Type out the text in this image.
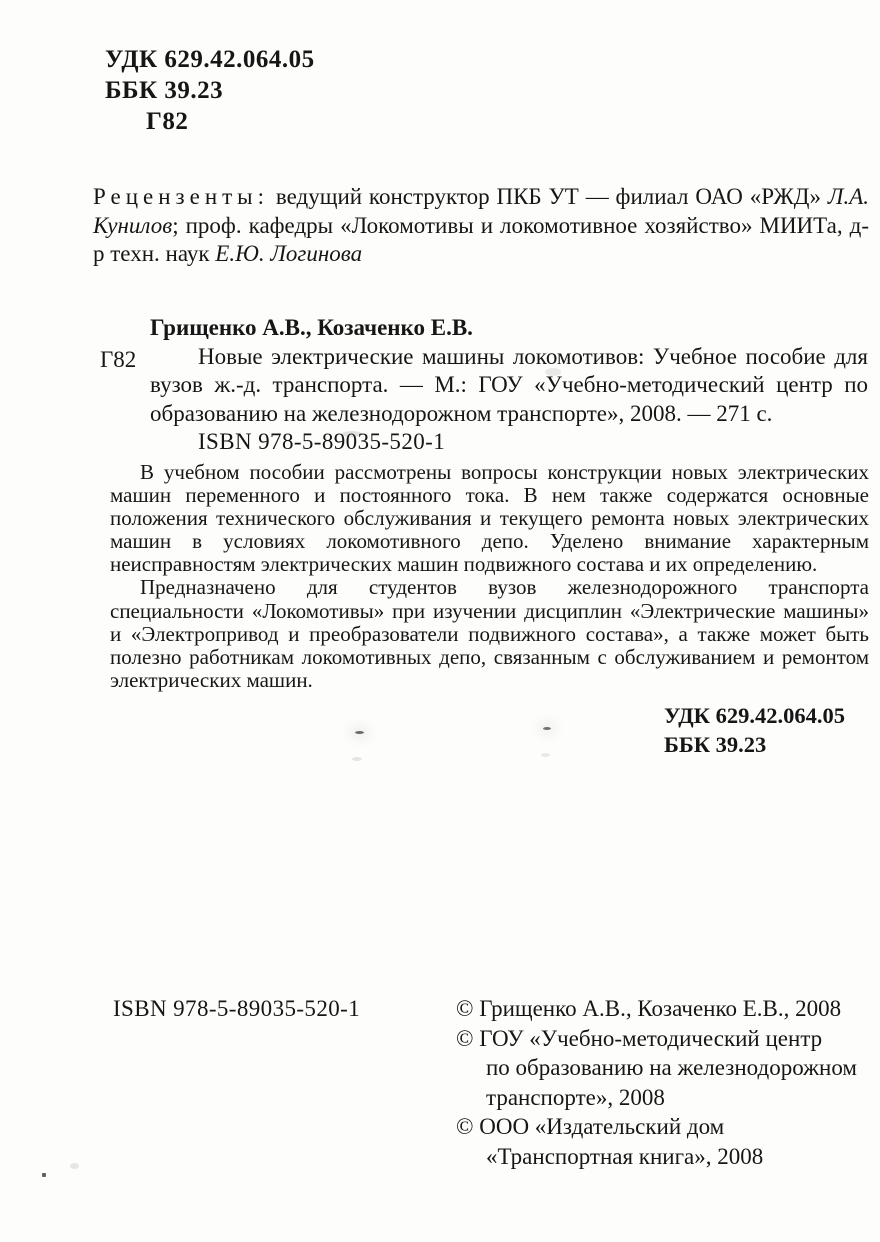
УДК 629.42.064.05
ББК 39.23
Г82

Рецензенты: ведущий конструктор ПКБ УТ — филиал ОАО «РЖД» Л.А. Кунилов; проф. кафедры «Локомотивы и локомотивное хозяйство» МИИТа, д-р техн. наук Е.Ю. Логинова

Г82
Грищенко А.В., Козаченко Е.В.

Новые электрические машины локомотивов: Учебное пособие для вузов ж.-д. транспорта. — М.: ГОУ «Учебно-методический центр по образованию на железнодорожном транспорте», 2008. — 271 с.

ISBN 978-5-89035-520-1

В учебном пособии рассмотрены вопросы конструкции новых электрических машин переменного и постоянного тока. В нем также содержатся основные положения технического обслуживания и текущего ремонта новых электрических машин в условиях локомотивного депо. Уделено внимание характерным неисправностям электрических машин подвижного состава и их определению.

Предназначено для студентов вузов железнодорожного транспорта специальности «Локомотивы» при изучении дисциплин «Электрические машины» и «Электропривод и преобразователи подвижного состава», а также может быть полезно работникам локомотивных депо, связанным с обслуживанием и ремонтом электрических машин.

УДК 629.42.064.05
ББК 39.23
ISBN 978-5-89035-520-1	© Грищенко А.В., Козаченко Е.В., 2008
© ГОУ «Учебно-методический центр
по образованию на железнодорожном
транспорте», 2008
© ООО «Издательский дом
«Транспортная книга», 2008
